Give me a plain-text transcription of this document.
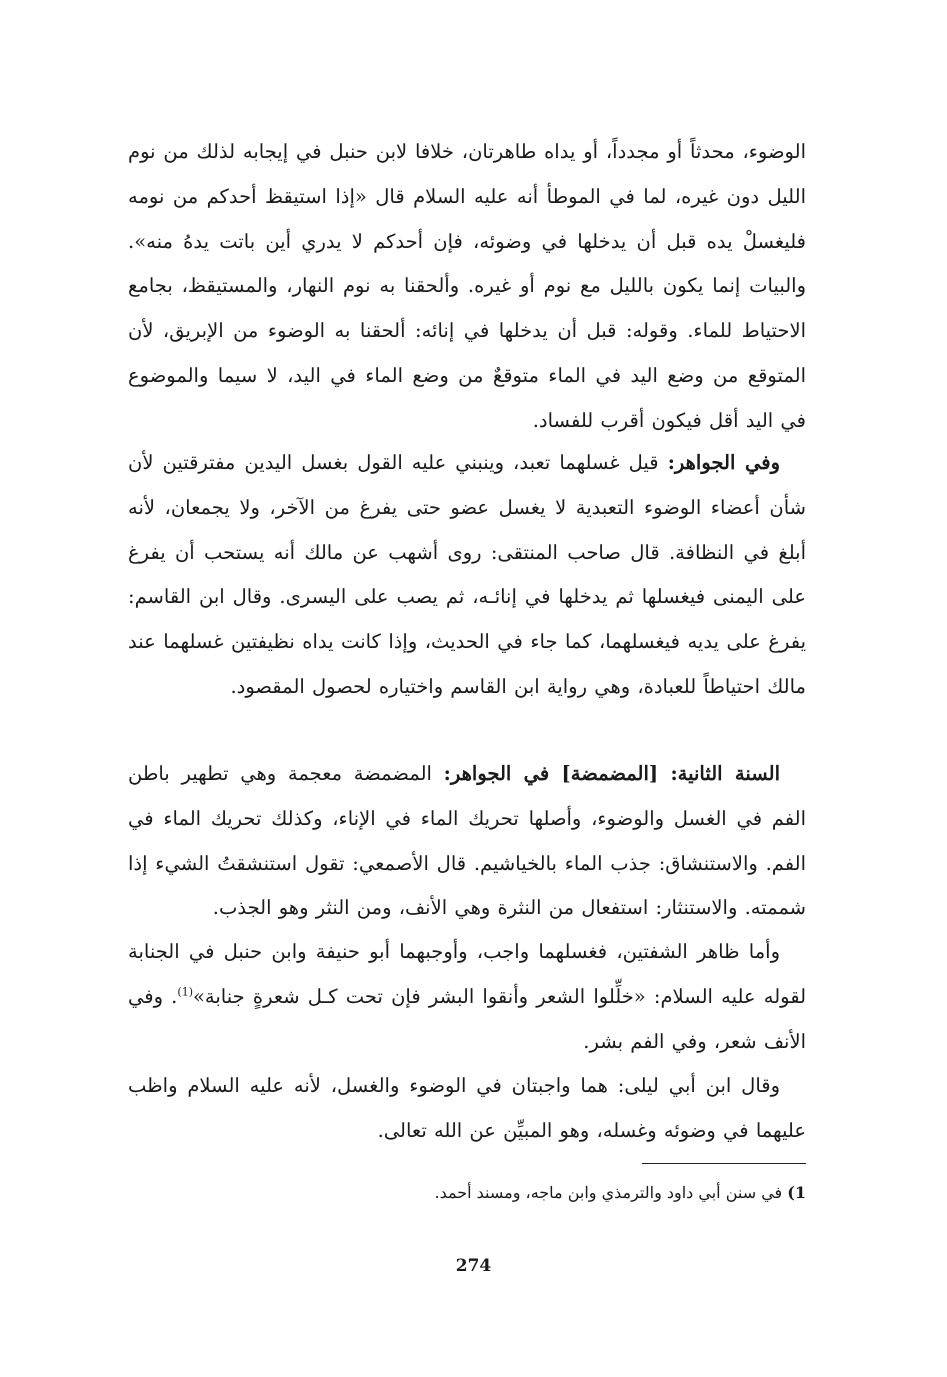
الوضوء، محدثاً أو مجدداً، أو يداه طاهرتان، خلافا لابن حنبل في إيجابه لذلك من نوم الليل دون غيره، لما في الموطأ أنه عليه السلام قال «إذا استيقظ أحدكم من نومه فليغسلْ يده قبل أن يدخلها في وضوئه، فإن أحدكم لا يدري أين باتت يدهُ منه». والبيات إنما يكون بالليل مع نوم أو غيره. وألحقنا به نوم النهار، والمستيقظ، بجامع الاحتياط للماء. وقوله: قبل أن يدخلها في إنائه: ألحقنا به الوضوء من الإبريق، لأن المتوقع من وضع اليد في الماء متوقعٌ من وضع الماء في اليد، لا سيما والموضوع في اليد أقل فيكون أقرب للفساد.

وفي الجواهر: قيل غسلهما تعبد، وينبني عليه القول بغسل اليدين مفترقتين لأن شأن أعضاء الوضوء التعبدية لا يغسل عضو حتى يفرغ من الآخر، ولا يجمعان، لأنه أبلغ في النظافة. قال صاحب المنتقى: روى أشهب عن مالك أنه يستحب أن يفرغ على اليمنى فيغسلها ثم يدخلها في إنائـه، ثم يصب على اليسرى. وقال ابن القاسم: يفرغ على يديه فيغسلهما، كما جاء في الحديث، وإذا كانت يداه نظيفتين غسلهما عند مالك احتياطاً للعبادة، وهي رواية ابن القاسم واختياره لحصول المقصود.

السنة الثانية: [المضمضة] في الجواهر: المضمضة معجمة وهي تطهير باطن الفم في الغسل والوضوء، وأصلها تحريك الماء في الإناء، وكذلك تحريك الماء في الفم. والاستنشاق: جذب الماء بالخياشيم. قال الأصمعي: تقول استنشقتُ الشيء إذا شممته. والاستنثار: استفعال من النثرة وهي الأنف، ومن النثر وهو الجذب.

وأما ظاهر الشفتين، فغسلهما واجب، وأوجبهما أبو حنيفة وابن حنبل في الجنابة لقوله عليه السلام: «خلِّلوا الشعر وأنقوا البشر فإن تحت كـل شعرةٍ جنابة»$^{(1)}$. وفي الأنف شعر، وفي الفم بشر.

وقال ابن أبي ليلى: هما واجبتان في الوضوء والغسل، لأنه عليه السلام واظب عليهما في وضوئه وغسله، وهو المبيِّن عن الله تعالى.

1) في سنن أبي داود والترمذي وابن ماجه، ومسند أحمد.
274
